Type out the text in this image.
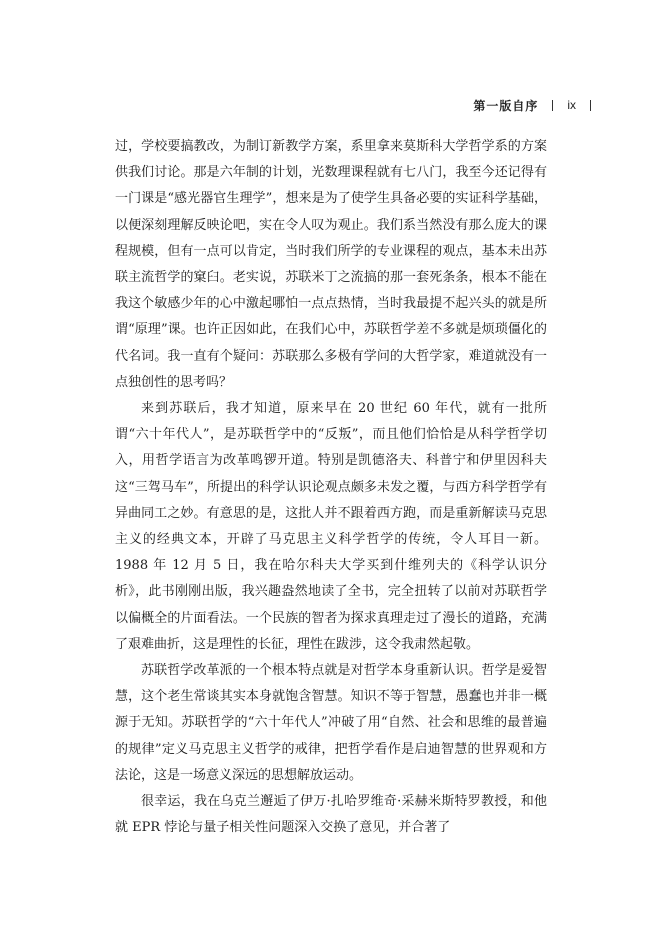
第一版自序 ix

过，学校要搞教改，为制订新教学方案，系里拿来莫斯科大学哲学系的方案供我们讨论。那是六年制的计划，光数理课程就有七八门，我至今还记得有一门课是“感光器官生理学”，想来是为了使学生具备必要的实证科学基础，以便深刻理解反映论吧，实在令人叹为观止。我们系当然没有那么庞大的课程规模，但有一点可以肯定，当时我们所学的专业课程的观点，基本未出苏联主流哲学的窠臼。老实说，苏联米丁之流搞的那一套死条条，根本不能在我这个敏感少年的心中激起哪怕一点点热情，当时我最提不起兴头的就是所谓“原理”课。也许正因如此，在我们心中，苏联哲学差不多就是烦琐僵化的代名词。我一直有个疑问：苏联那么多极有学问的大哲学家，难道就没有一点独创性的思考吗？

来到苏联后，我才知道，原来早在 20 世纪 60 年代，就有一批所谓“六十年代人”，是苏联哲学中的“反叛”，而且他们恰恰是从科学哲学切入，用哲学语言为改革鸣锣开道。特别是凯德洛夫、科普宁和伊里因科夫这“三驾马车”，所提出的科学认识论观点颇多未发之覆，与西方科学哲学有异曲同工之妙。有意思的是，这批人并不跟着西方跑，而是重新解读马克思主义的经典文本，开辟了马克思主义科学哲学的传统，令人耳目一新。1988 年 12 月 5 日，我在哈尔科夫大学买到什维列夫的《科学认识分析》，此书刚刚出版，我兴趣盎然地读了全书，完全扭转了以前对苏联哲学以偏概全的片面看法。一个民族的智者为探求真理走过了漫长的道路，充满了艰难曲折，这是理性的长征，理性在跋涉，这令我肃然起敬。

苏联哲学改革派的一个根本特点就是对哲学本身重新认识。哲学是爱智慧，这个老生常谈其实本身就饱含智慧。知识不等于智慧，愚蠢也并非一概源于无知。苏联哲学的“六十年代人”冲破了用“自然、社会和思维的最普遍的规律”定义马克思主义哲学的戒律，把哲学看作是启迪智慧的世界观和方法论，这是一场意义深远的思想解放运动。

很幸运，我在乌克兰邂逅了伊万·扎哈罗维奇·采赫米斯特罗教授，和他就 EPR 悖论与量子相关性问题深入交换了意见，并合著了
